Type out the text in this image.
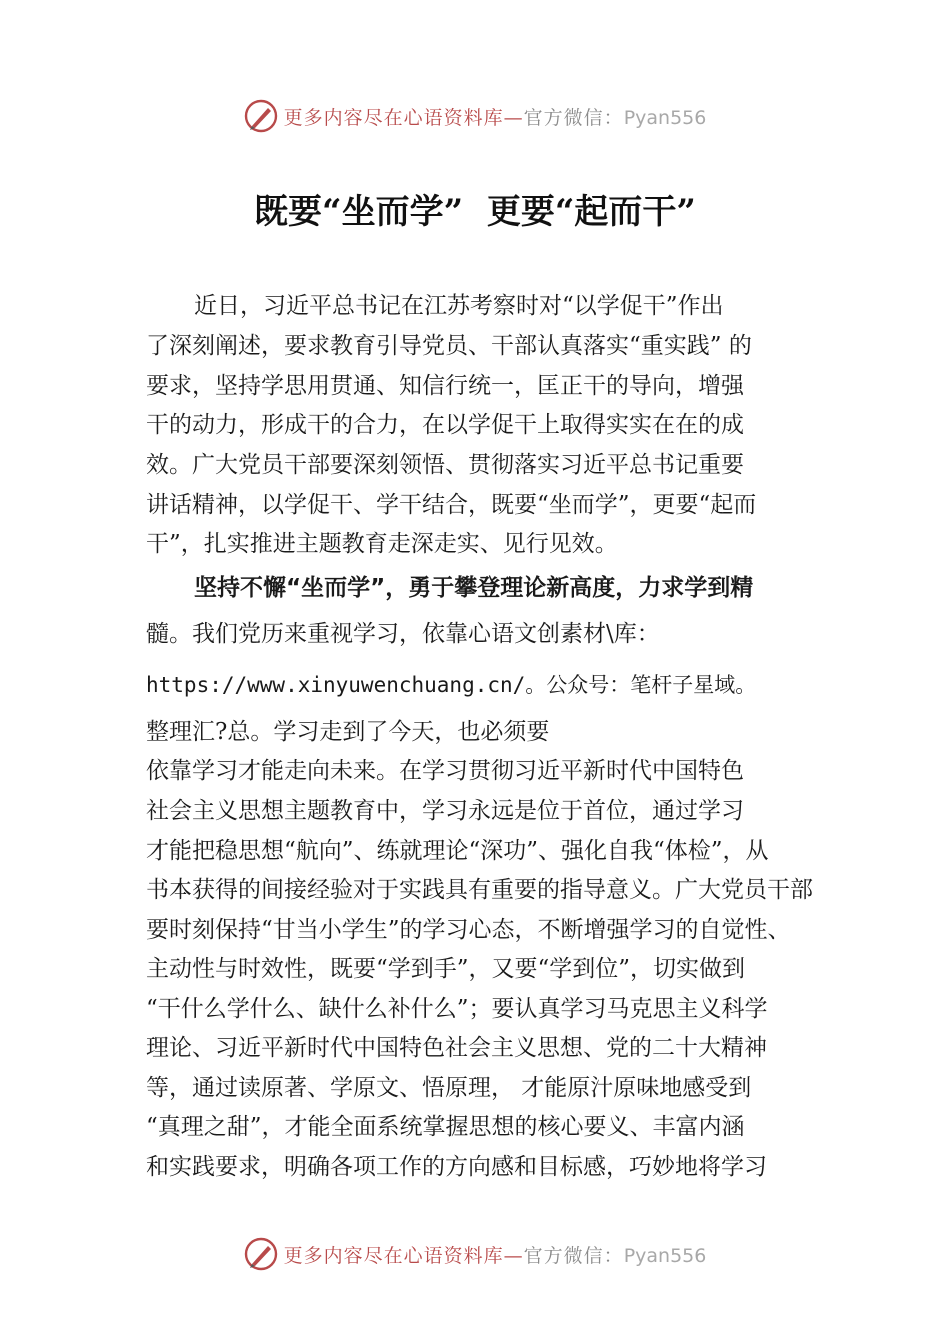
更多内容尽在心语资料库—官方微信：Pyan556
既要“坐而学”  更要“起而干”
近日，习近平总书记在江苏考察时对“以学促干”作出
了深刻阐述，要求教育引导党员、干部认真落实“重实践” 的
要求，坚持学思用贯通、知信行统一，匡正干的导向，增强
干的动力，形成干的合力，在以学促干上取得实实在在的成
效。广大党员干部要深刻领悟、贯彻落实习近平总书记重要
讲话精神，以学促干、学干结合，既要“坐而学”，更要“起而
干”，扎实推进主题教育走深走实、见行见效。
坚持不懈“坐而学”，勇于攀登理论新高度，力求学到精
髓。我们党历来重视学习，依靠心语文创素材\库：
https://www.xinyuwenchuang.cn/。公众号：笔杆子星域。
整理汇?总。学习走到了今天，也必须要
依靠学习才能走向未来。在学习贯彻习近平新时代中国特色
社会主义思想主题教育中，学习永远是位于首位，通过学习
才能把稳思想“航向”、练就理论“深功”、强化自我“体检”，从
书本获得的间接经验对于实践具有重要的指导意义。广大党员干部
要时刻保持“甘当小学生”的学习心态，不断增强学习的自觉性、
主动性与时效性，既要“学到手”，又要“学到位”，切实做到
“干什么学什么、缺什么补什么”；要认真学习马克思主义科学
理论、习近平新时代中国特色社会主义思想、党的二十大精神
等，通过读原著、学原文、悟原理， 才能原汁原味地感受到
“真理之甜”，才能全面系统掌握思想的核心要义、丰富内涵
和实践要求，明确各项工作的方向感和目标感，巧妙地将学习
更多内容尽在心语资料库—官方微信：Pyan556
